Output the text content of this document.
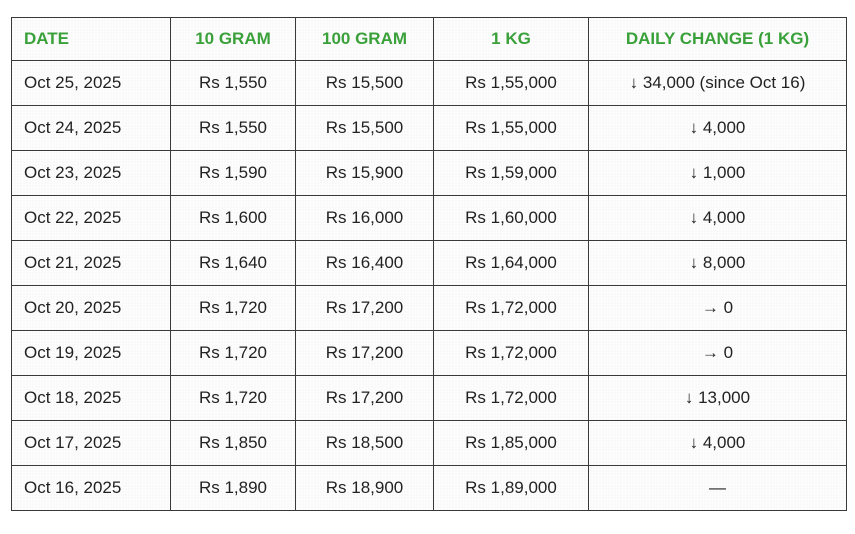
DATE	10 GRAM	100 GRAM	1 KG	DAILY CHANGE (1 KG)
Oct 25, 2025	Rs 1,550	Rs 15,500	Rs 1,55,000	↓ 34,000 (since Oct 16)
Oct 24, 2025	Rs 1,550	Rs 15,500	Rs 1,55,000	↓ 4,000
Oct 23, 2025	Rs 1,590	Rs 15,900	Rs 1,59,000	↓ 1,000
Oct 22, 2025	Rs 1,600	Rs 16,000	Rs 1,60,000	↓ 4,000
Oct 21, 2025	Rs 1,640	Rs 16,400	Rs 1,64,000	↓ 8,000
Oct 20, 2025	Rs 1,720	Rs 17,200	Rs 1,72,000	→ 0
Oct 19, 2025	Rs 1,720	Rs 17,200	Rs 1,72,000	→ 0
Oct 18, 2025	Rs 1,720	Rs 17,200	Rs 1,72,000	↓ 13,000
Oct 17, 2025	Rs 1,850	Rs 18,500	Rs 1,85,000	↓ 4,000
Oct 16, 2025	Rs 1,890	Rs 18,900	Rs 1,89,000	—
